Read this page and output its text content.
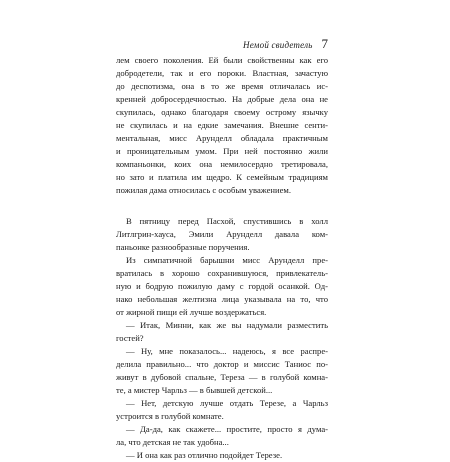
Немой свидетель 7
лем своего поколения. Ей были свойственны как его
добродетели, так и его пороки. Властная, зачастую
до деспотизма, она в то же время отличалась ис-
кренней добросердечностью. На добрые дела она не
скупилась, однако благодаря своему острому язычку
не скупилась и на едкие замечания. Внешне сенти-
ментальная, мисс Арунделл обладала практичным
и проницательным умом. При ней постоянно жили
компаньонки, коих она немилосердно третировала,
но зато и платила им щедро. К семейным традициям
пожилая дама относилась с особым уважением.
В пятницу перед Пасхой, спустившись в холл
Литлгрин-хауса, Эмили Арунделл давала ком-
паньонке разнообразные поручения.
Из симпатичной барышни мисс Арунделл пре-
вратилась в хорошо сохранившуюся, привлекатель-
ную и бодрую пожилую даму с гордой осанкой. Од-
нако небольшая желтизна лица указывала на то, что
от жирной пищи ей лучше воздержаться.
— Итак, Минни, как же вы надумали разместить
гостей?
— Ну, мне показалось... надеюсь, я все распре-
делила правильно... что доктор и миссис Таниос по-
живут в дубовой спальне, Тереза — в голубой комна-
те, а мистер Чарльз — в бывшей детской...
— Нет, детскую лучше отдать Терезе, а Чарльз
устроится в голубой комнате.
— Да-да, как скажете... простите, просто я дума-
ла, что детская не так удобна...
— И она как раз отлично подойдет Терезе.
